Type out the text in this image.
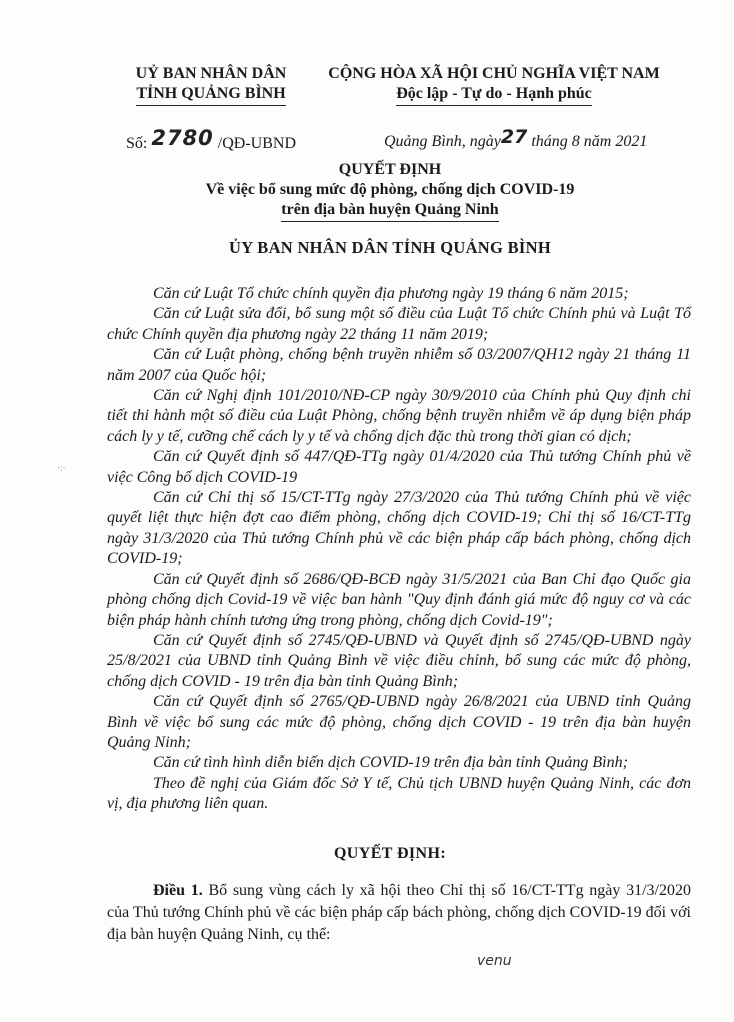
UỶ BAN NHÂN DÂN
TỈNH QUẢNG BÌNH
CỘNG HÒA XÃ HỘI CHỦ NGHĨA VIỆT NAM
Độc lập - Tự do - Hạnh phúc
Số: 2780 /QĐ-UBND	Quảng Bình, ngày27 tháng 8 năm 2021
QUYẾT ĐỊNH
Về việc bổ sung mức độ phòng, chống dịch COVID-19
trên địa bàn huyện Quảng Ninh
ỦY BAN NHÂN DÂN TỈNH QUẢNG BÌNH
·:·

Căn cứ Luật Tổ chức chính quyền địa phương ngày 19 tháng 6 năm 2015;

Căn cứ Luật sửa đổi, bổ sung một số điều của Luật Tổ chức Chính phủ và Luật Tổ chức Chính quyền địa phương ngày 22 tháng 11 năm 2019;

Căn cứ Luật phòng, chống bệnh truyền nhiễm số 03/2007/QH12 ngày 21 tháng 11 năm 2007 của Quốc hội;

Căn cứ Nghị định 101/2010/NĐ-CP ngày 30/9/2010 của Chính phủ Quy định chi tiết thi hành một số điều của Luật Phòng, chống bệnh truyền nhiễm về áp dụng biện pháp cách ly y tế, cưỡng chế cách ly y tế và chống dịch đặc thù trong thời gian có dịch;

Căn cứ Quyết định số 447/QĐ-TTg ngày 01/4/2020 của Thủ tướng Chính phủ về việc Công bố dịch COVID-19

Căn cứ Chỉ thị số 15/CT-TTg ngày 27/3/2020 của Thủ tướng Chính phủ về việc quyết liệt thực hiện đợt cao điểm phòng, chống dịch COVID-19; Chỉ thị số 16/CT-TTg ngày 31/3/2020 của Thủ tướng Chính phủ về các biện pháp cấp bách phòng, chống dịch COVID-19;

Căn cứ Quyết định số 2686/QĐ-BCĐ ngày 31/5/2021 của Ban Chỉ đạo Quốc gia phòng chống dịch Covid-19 về việc ban hành "Quy định đánh giá mức độ nguy cơ và các biện pháp hành chính tương ứng trong phòng, chống dịch Covid-19";

Căn cứ Quyết định số 2745/QĐ-UBND và Quyết định số 2745/QĐ-UBND ngày 25/8/2021 của UBND tỉnh Quảng Bình về việc điều chỉnh, bổ sung các mức độ phòng, chống dịch COVID - 19 trên địa bàn tỉnh Quảng Bình;

Căn cứ Quyết định số 2765/QĐ-UBND ngày 26/8/2021 của UBND tỉnh Quảng Bình về việc bổ sung các mức độ phòng, chống dịch COVID - 19 trên địa bàn huyện Quảng Ninh;

Căn cứ tình hình diễn biến dịch COVID-19 trên địa bàn tỉnh Quảng Bình;

Theo đề nghị của Giám đốc Sở Y tế, Chủ tịch UBND huyện Quảng Ninh, các đơn vị, địa phương liên quan.

QUYẾT ĐỊNH:

Điều 1. Bổ sung vùng cách ly xã hội theo Chỉ thị số 16/CT-TTg ngày 31/3/2020 của Thủ tướng Chính phủ về các biện pháp cấp bách phòng, chống dịch COVID-19 đối với địa bàn huyện Quảng Ninh, cụ thể:

venu
